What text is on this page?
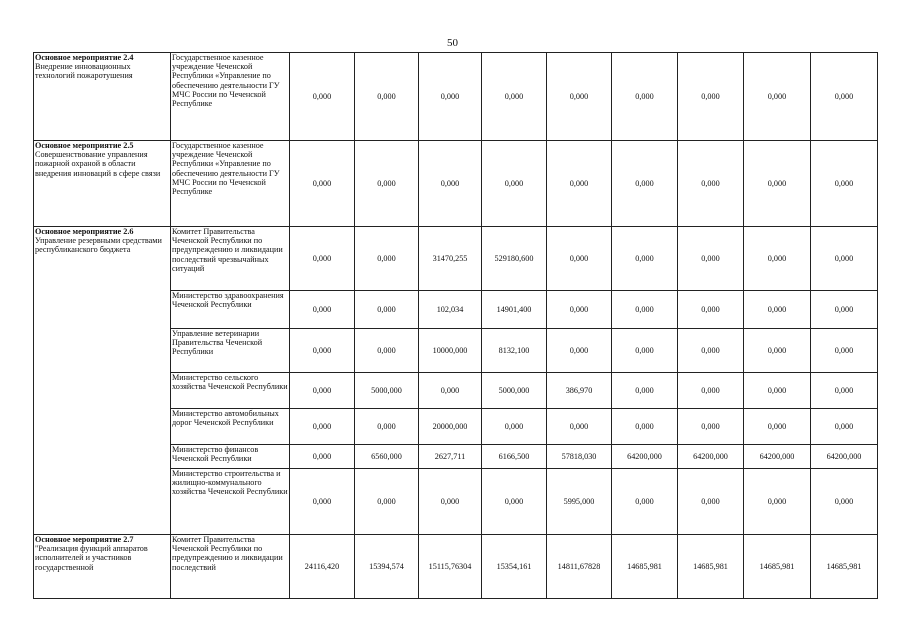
50
Основное мероприятие 2.4
Внедрение инновационных технологий пожаротушения	Государственное казенное учреждение Чеченской Республики «Управление по обеспечению деятельности ГУ МЧС России по Чеченской Республике	0,000	0,000	0,000	0,000	0,000	0,000	0,000	0,000	0,000

Основное мероприятие 2.5
Совершенствование управления пожарной охраной в области внедрения инноваций в сфере связи	Государственное казенное учреждение Чеченской Республики «Управление по обеспечению деятельности ГУ МЧС России по Чеченской Республике	0,000	0,000	0,000	0,000	0,000	0,000	0,000	0,000	0,000

Основное мероприятие 2.6
Управление резервными средствами республиканского бюджета	Комитет Правительства Чеченской Республики по предупреждению и ликвидации последствий чрезвычайных ситуаций	0,000	0,000	31470,255	529180,600	0,000	0,000	0,000	0,000	0,000
	Министерство здравоохранения Чеченской Республики	0,000	0,000	102,034	14901,400	0,000	0,000	0,000	0,000	0,000
	Управление ветеринарии Правительства Чеченской Республики	0,000	0,000	10000,000	8132,100	0,000	0,000	0,000	0,000	0,000
	Министерство сельского хозяйства Чеченской Республики	0,000	5000,000	0,000	5000,000	386,970	0,000	0,000	0,000	0,000
	Министерство автомобильных дорог Чеченской Республики	0,000	0,000	20000,000	0,000	0,000	0,000	0,000	0,000	0,000
	Министерство финансов Чеченской Республики	0,000	6560,000	2627,711	6166,500	57818,030	64200,000	64200,000	64200,000	64200,000
	Министерство строительства и жилищно-коммунального хозяйства Чеченской Республики	0,000	0,000	0,000	0,000	5995,000	0,000	0,000	0,000	0,000

Основное мероприятие 2.7
"Реализация функций аппаратов исполнителей и участников государственной	Комитет Правительства Чеченской Республики по предупреждению и ликвидации последствий	24116,420	15394,574	15115,76304	15354,161	14811,67828	14685,981	14685,981	14685,981	14685,981
